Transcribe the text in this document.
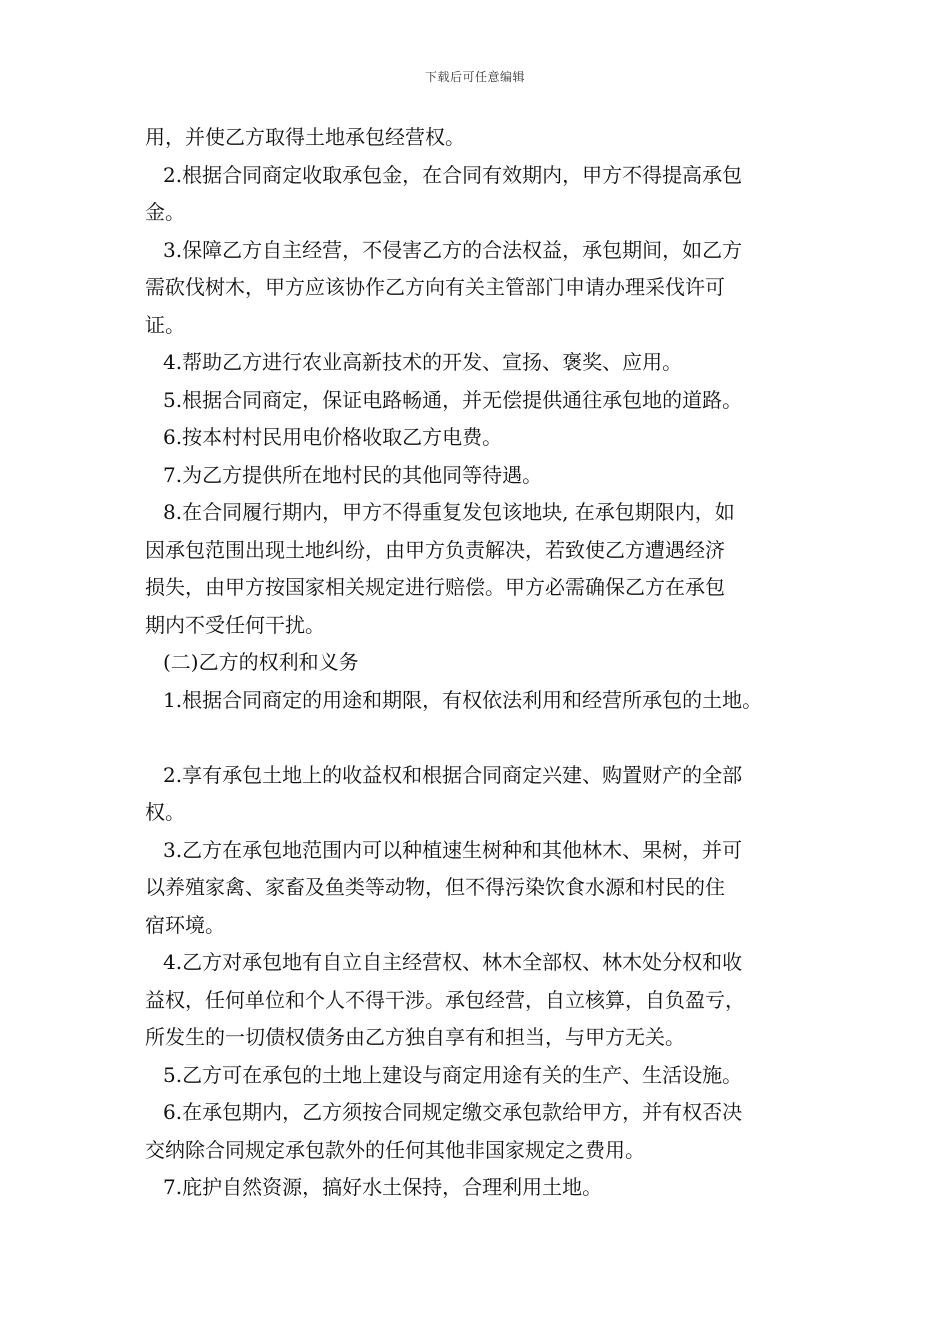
下载后可任意编辑
用，并使乙方取得土地承包经营权。
2.根据合同商定收取承包金，在合同有效期内，甲方不得提高承包
金。
3.保障乙方自主经营，不侵害乙方的合法权益，承包期间，如乙方
需砍伐树木，甲方应该协作乙方向有关主管部门申请办理采伐许可
证。
4.帮助乙方进行农业高新技术的开发、宣扬、褒奖、应用。
5.根据合同商定，保证电路畅通，并无偿提供通往承包地的道路。
6.按本村村民用电价格收取乙方电费。
7.为乙方提供所在地村民的其他同等待遇。
8.在合同履行期内，甲方不得重复发包该地块, 在承包期限内，如
因承包范围出现土地纠纷，由甲方负责解决，若致使乙方遭遇经济
损失，由甲方按国家相关规定进行赔偿。甲方必需确保乙方在承包
期内不受任何干扰。
(二)乙方的权利和义务
1.根据合同商定的用途和期限，有权依法利用和经营所承包的土地。
2.享有承包土地上的收益权和根据合同商定兴建、购置财产的全部
权。
3.乙方在承包地范围内可以种植速生树种和其他林木、果树，并可
以养殖家禽、家畜及鱼类等动物，但不得污染饮食水源和村民的住
宿环境。
4.乙方对承包地有自立自主经营权、林木全部权、林木处分权和收
益权，任何单位和个人不得干涉。承包经营，自立核算，自负盈亏，
所发生的一切债权债务由乙方独自享有和担当，与甲方无关。
5.乙方可在承包的土地上建设与商定用途有关的生产、生活设施。
6.在承包期内，乙方须按合同规定缴交承包款给甲方，并有权否决
交纳除合同规定承包款外的任何其他非国家规定之费用。
7.庇护自然资源，搞好水土保持，合理利用土地。
